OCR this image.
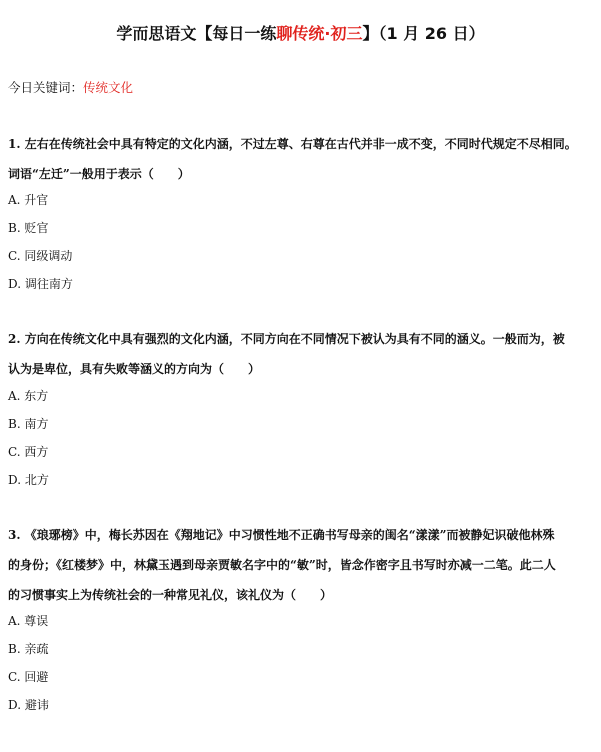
学而思语文【每日一练聊传统·初三】（1 月 26 日）
今日关键词：传统文化
1. 左右在传统社会中具有特定的文化内涵，不过左尊、右尊在古代并非一成不变，不同时代规定不尽相同。
词语“左迁”一般用于表示（　　）
A. 升官
B. 贬官
C. 同级调动
D. 调往南方
2. 方向在传统文化中具有强烈的文化内涵，不同方向在不同情况下被认为具有不同的涵义。一般而为，被
认为是卑位，具有失败等涵义的方向为（　　）
A. 东方
B. 南方
C. 西方
D. 北方
3. 《琅琊榜》中，梅长苏因在《翔地记》中习惯性地不正确书写母亲的闺名“漾漾”而被静妃识破他林殊
的身份；《红楼梦》中，林黛玉遇到母亲贾敏名字中的“敏”时，皆念作密字且书写时亦减一二笔。此二人
的习惯事实上为传统社会的一种常见礼仪，该礼仪为（　　）
A. 尊误
B. 亲疏
C. 回避
D. 避讳
